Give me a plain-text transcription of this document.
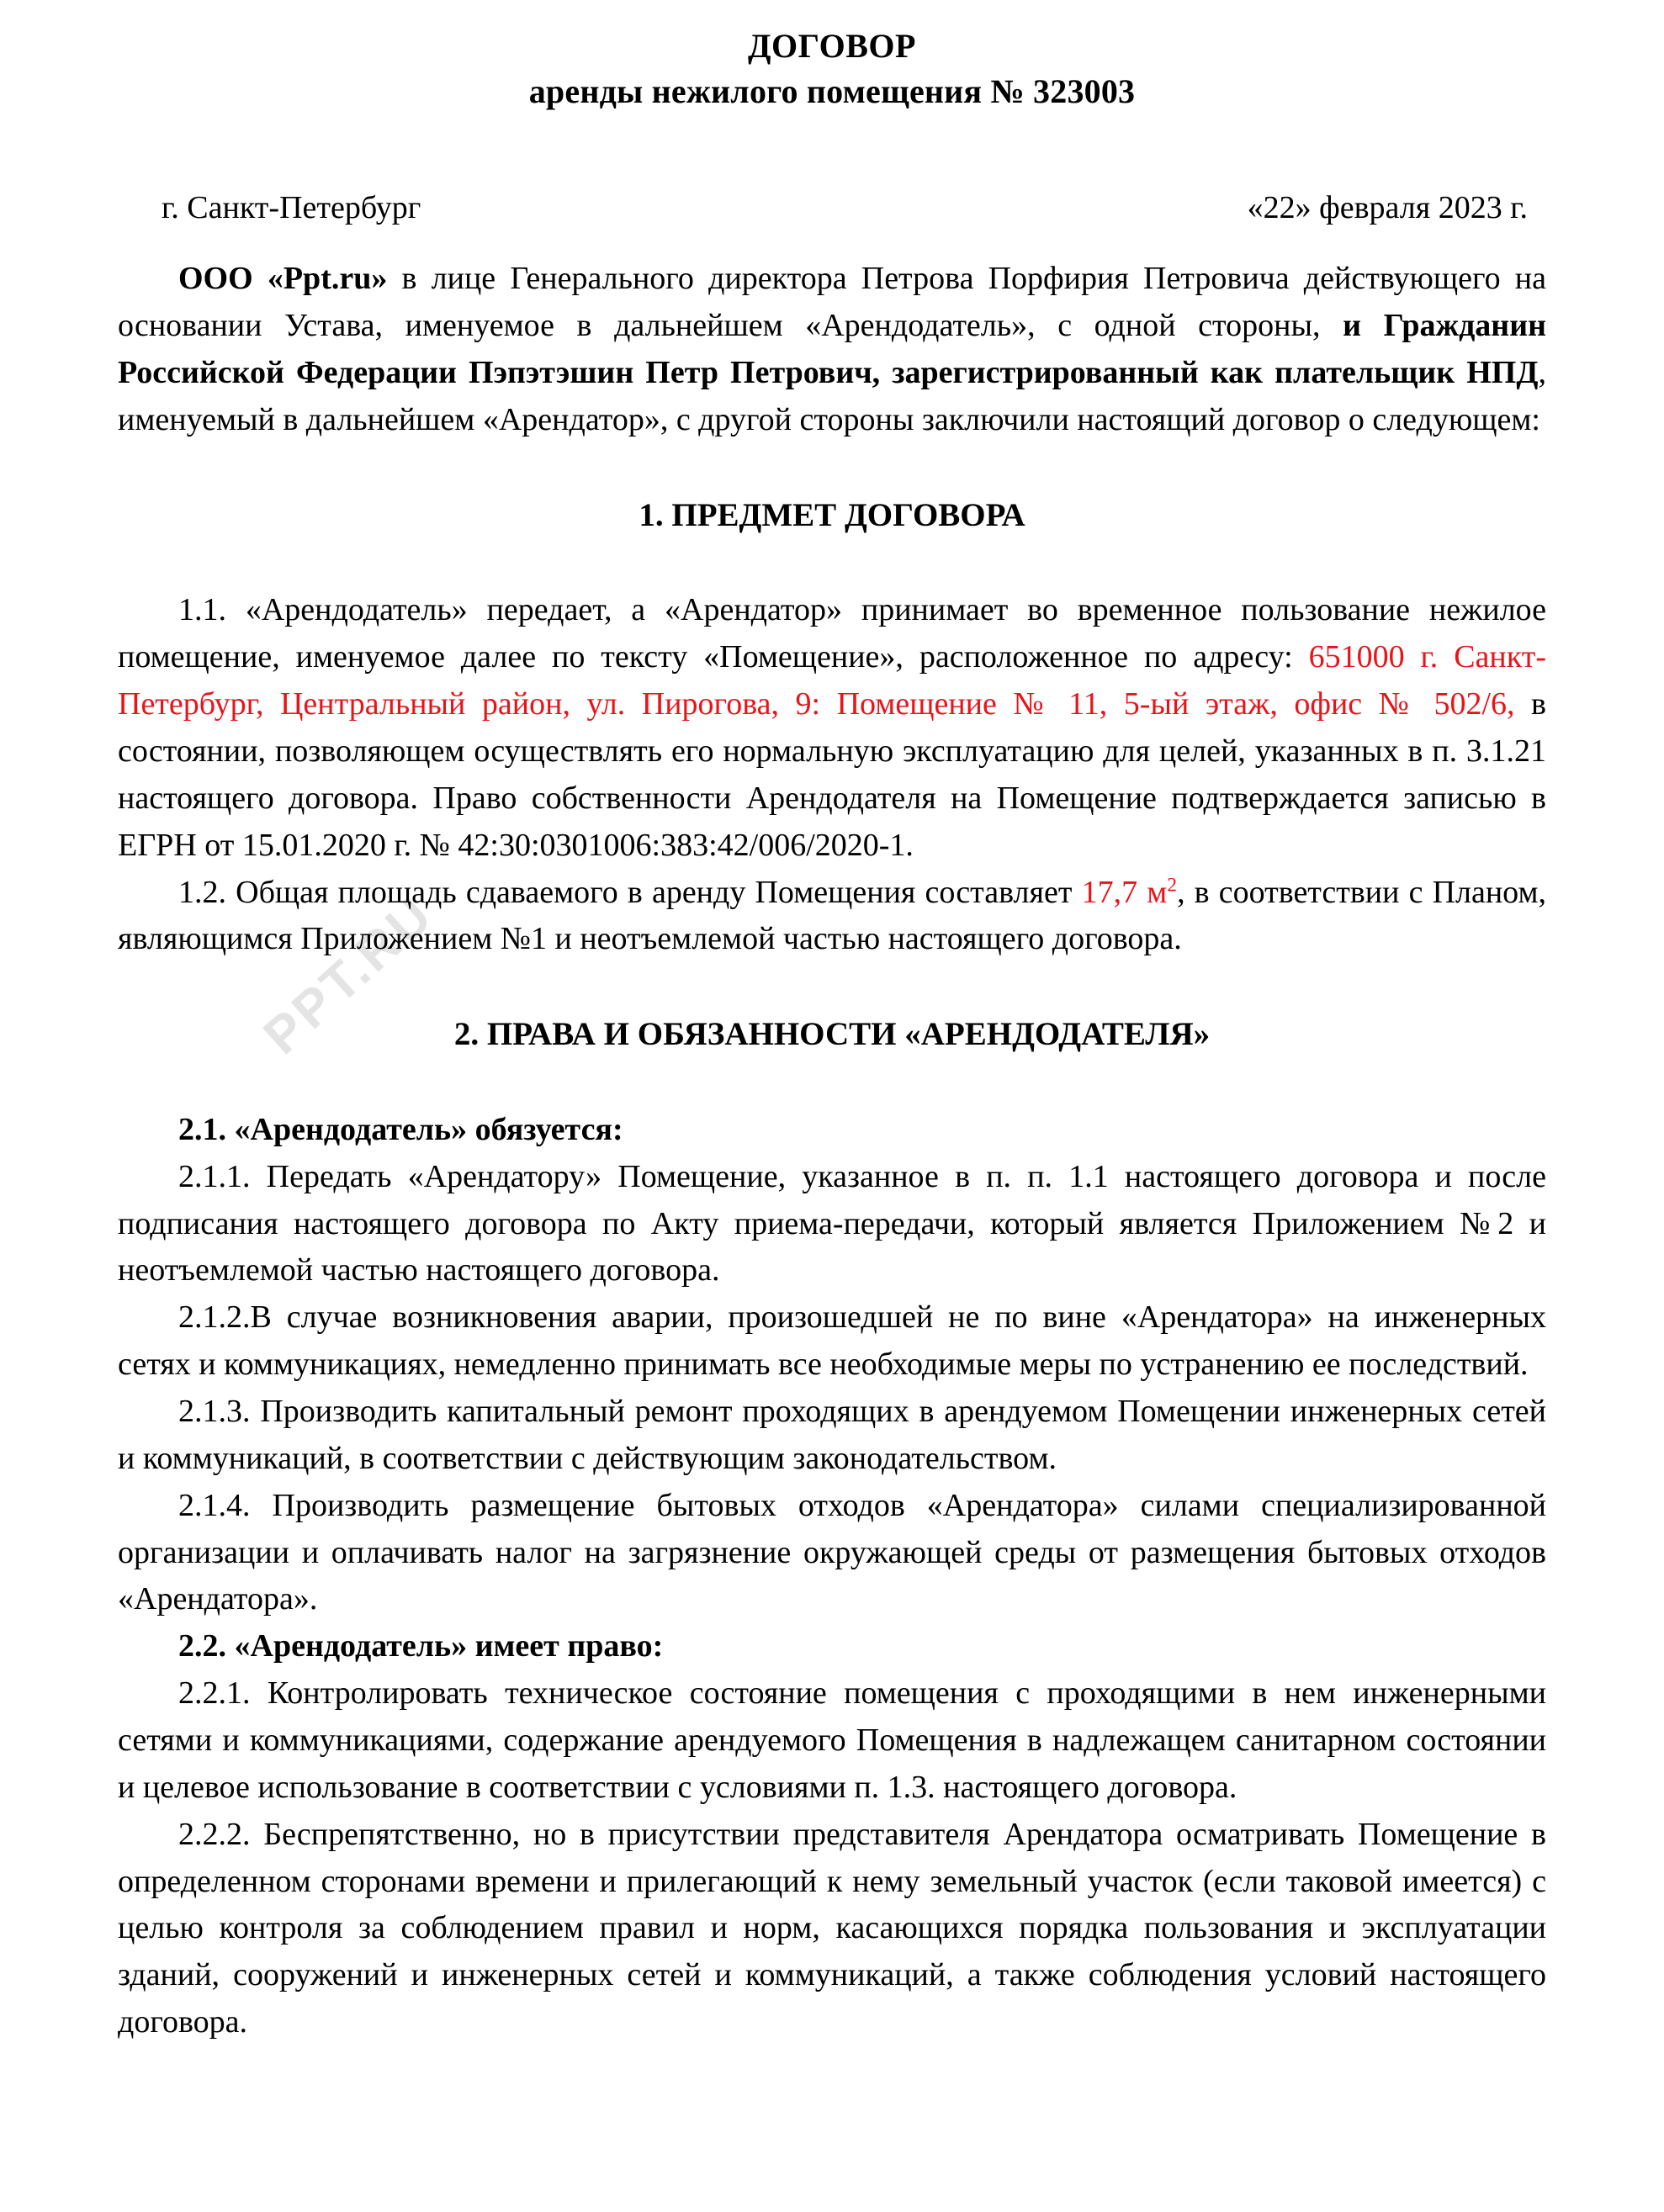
PPT.RU
ДОГОВОР
аренды нежилого помещения № 323003
г. Санкт-Петербург	«22» февраля 2023 г.

ООО «Ppt.ru» в лице Генерального директора Петрова Порфирия Петровича действующего на основании Устава, именуемое в дальнейшем «Арендодатель», с одной стороны, и Гражданин Российской Федерации Пэпэтэшин Петр Петрович, зарегистрированный как плательщик НПД, именуемый в дальнейшем «Арендатор», с другой стороны заключили настоящий договор о следующем:

1. ПРЕДМЕТ ДОГОВОРА

1.1. «Арендодатель» передает, а «Арендатор» принимает во временное пользование нежилое помещение, именуемое далее по тексту «Помещение», расположенное по адресу: 651000 г. Санкт-Петербург, Центральный район, ул. Пирогова, 9: Помещение № 11, 5-ый этаж, офис № 502/6, в состоянии, позволяющем осуществлять его нормальную эксплуатацию для целей, указанных в п. 3.1.21 настоящего договора. Право собственности Арендодателя на Помещение подтверждается записью в ЕГРН от 15.01.2020 г. № 42:30:0301006:383:42/006/2020-1.

1.2. Общая площадь сдаваемого в аренду Помещения составляет 17,7 $м^2$, в соответствии с Планом, являющимся Приложением №1 и неотъемлемой частью настоящего договора.

2. ПРАВА И ОБЯЗАННОСТИ «АРЕНДОДАТЕЛЯ»

2.1. «Арендодатель» обязуется:

2.1.1. Передать «Арендатору» Помещение, указанное в п. п. 1.1 настоящего договора и после подписания настоящего договора по Акту приема-передачи, который является Приложением №2 и неотъемлемой частью настоящего договора.

2.1.2.В случае возникновения аварии, произошедшей не по вине «Арендатора» на инженерных сетях и коммуникациях, немедленно принимать все необходимые меры по устранению ее последствий.

2.1.3. Производить капитальный ремонт проходящих в арендуемом Помещении инженерных сетей и коммуникаций, в соответствии с действующим законодательством.

2.1.4. Производить размещение бытовых отходов «Арендатора» силами специализированной организации и оплачивать налог на загрязнение окружающей среды от размещения бытовых отходов «Арендатора».

2.2. «Арендодатель» имеет право:

2.2.1. Контролировать техническое состояние помещения с проходящими в нем инженерными сетями и коммуникациями, содержание арендуемого Помещения в надлежащем санитарном состоянии и целевое использование в соответствии с условиями п. 1.3. настоящего договора.

2.2.2. Беспрепятственно, но в присутствии представителя Арендатора осматривать Помещение в определенном сторонами времени и прилегающий к нему земельный участок (если таковой имеется) с целью контроля за соблюдением правил и норм, касающихся порядка пользования и эксплуатации зданий, сооружений и инженерных сетей и коммуникаций, а также соблюдения условий настоящего договора.
